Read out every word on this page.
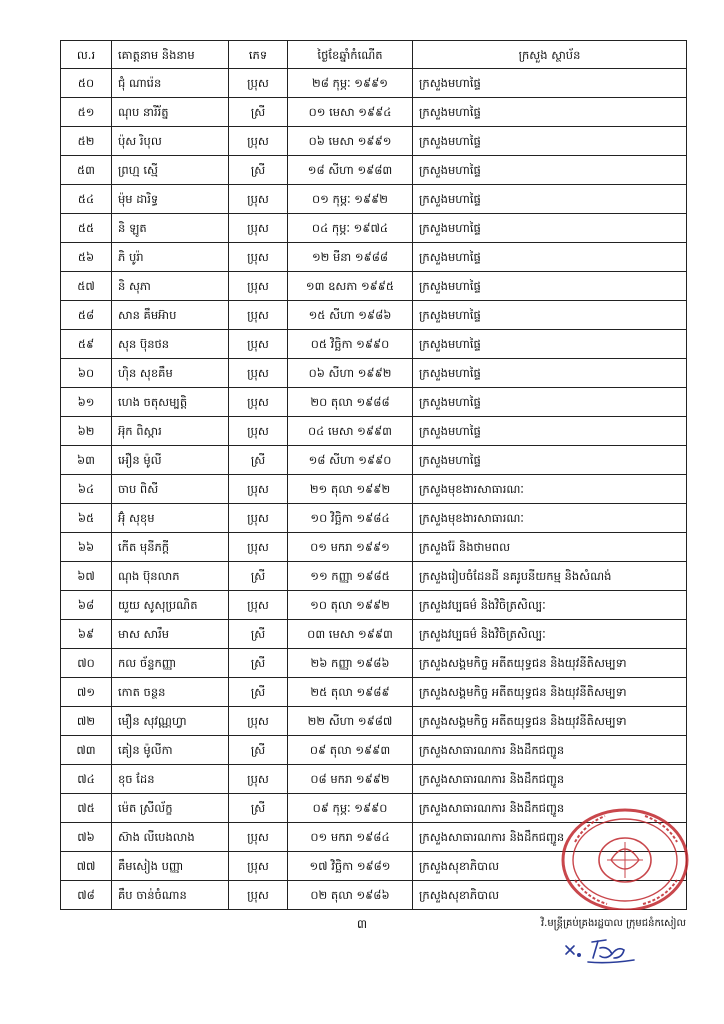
ល.រ	គោត្តនាម និងនាម	ភេទ	ថ្ងៃខែឆ្នាំកំណើត	ក្រសួង ស្ថាប័ន
៥០	ជុំ ណារ៉េន	ប្រុស	២៨ កុម្ភៈ ១៩៩១	ក្រសួងមហាផ្ទៃ
៥១	ណុប នារីរ័ត្ន	ស្រី	០១ មេសា ១៩៩៤	ក្រសួងមហាផ្ទៃ
៥២	ប៉ុស រិបុល	ប្រុស	០៦ មេសា ១៩៩១	ក្រសួងមហាផ្ទៃ
៥៣	ព្រហ្ម ស្មើ	ស្រី	១៨ សីហា ១៩៨៣	ក្រសួងមហាផ្ទៃ
៥៤	ម៉ុម ដារិទ្ធ	ប្រុស	០១ កុម្ភៈ ១៩៩២	ក្រសួងមហាផ្ទៃ
៥៥	និ ឡូត	ប្រុស	០៤ កុម្ភៈ ១៩៧៤	ក្រសួងមហាផ្ទៃ
៥៦	ភិ បូរ៉ា	ប្រុស	១២ មីនា ១៩៨៨	ក្រសួងមហាផ្ទៃ
៥៧	និ សុភា	ប្រុស	១៣ ឧសភា ១៩៩៥	ក្រសួងមហាផ្ទៃ
៥៨	សាន គឹមអ៊ាប	ប្រុស	១៥ សីហា ១៩៨៦	ក្រសួងមហាផ្ទៃ
៥៩	សុន ប៊ុនថន	ប្រុស	០៥ វិច្ឆិកា ១៩៩០	ក្រសួងមហាផ្ទៃ
៦០	ហ៊ិន សុខគឹម	ប្រុស	០៦ សីហា ១៩៩២	ក្រសួងមហាផ្ទៃ
៦១	ហេង ចតុសម្បត្តិ	ប្រុស	២០ តុលា ១៩៨៨	ក្រសួងមហាផ្ទៃ
៦២	អ៊ុក ពិស្ការ	ប្រុស	០៤ មេសា ១៩៩៣	ក្រសួងមហាផ្ទៃ
៦៣	អឿន ម៉ូលី	ស្រី	១៨ សីហា ១៩៩០	ក្រសួងមហាផ្ទៃ
៦៤	ចាប ពិសី	ប្រុស	២១ តុលា ១៩៩២	ក្រសួងមុខងារសាធារណៈ
៦៥	អ៊ុំ សុខុម	ប្រុស	១០ វិច្ឆិកា ១៩៨៤	ក្រសួងមុខងារសាធារណៈ
៦៦	កើត មុនីភក្តី	ប្រុស	០១ មករា ១៩៩១	ក្រសួងរ៉ែ និងថាមពល
៦៧	ណុង ប៊ុនលាភ	ស្រី	១១ កញ្ញា ១៩៨៥	ក្រសួងរៀបចំដែនដី នគរូបនីយកម្ម និងសំណង់
៦៨	យួយ សូសុប្រណិត	ប្រុស	១០ តុលា ១៩៩២	ក្រសួងវប្បធម៌ និងវិចិត្រសិល្បៈ
៦៩	មាស សារឹម	ស្រី	០៣ មេសា ១៩៩៣	ក្រសួងវប្បធម៌ និងវិចិត្រសិល្បៈ
៧០	កល ច័ន្ទកញ្ញា	ស្រី	២៦ កញ្ញា ១៩៨៦	ក្រសួងសង្គមកិច្ច អតីតយុទ្ធជន និងយុវនីតិសម្បទា
៧១	កោត ចន្ថន	ស្រី	២៥ តុលា ១៩៨៩	ក្រសួងសង្គមកិច្ច អតីតយុទ្ធជន និងយុវនីតិសម្បទា
៧២	មឿន សុវណ្ណហ្វា	ប្រុស	២២ សីហា ១៩៨៧	ក្រសួងសង្គមកិច្ច អតីតយុទ្ធជន និងយុវនីតិសម្បទា
៧៣	គៀន ម៉ូលីកា	ស្រី	០៩ តុលា ១៩៩៣	ក្រសួងសាធារណការ និងដឹកជញ្ជូន
៧៤	ខុច ដែន	ប្រុស	០៨ មករា ១៩៩២	ក្រសួងសាធារណការ និងដឹកជញ្ជូន
៧៥	ម៉េត ស្រីល័ក្ខ	ស្រី	០៩ កុម្ភៈ ១៩៩០	ក្រសួងសាធារណការ និងដឹកជញ្ជូន
៧៦	ស៊ាង លីបេងលាង	ប្រុស	០១ មករា ១៩៨៤	ក្រសួងសាធារណការ និងដឹកជញ្ជូន
៧៧	គឹមសៀង បញ្ញា	ប្រុស	១៧ វិច្ឆិកា ១៩៨១	ក្រសួងសុខាភិបាល
៧៨	គឹប ចាន់ចំណាន	ប្រុស	០២ តុលា ១៩៨៦	ក្រសួងសុខាភិបាល
៣	វិ.មន្ត្រីគ្រប់គ្រងរដ្ឋបាល ក្រុមជនំកសៀល
